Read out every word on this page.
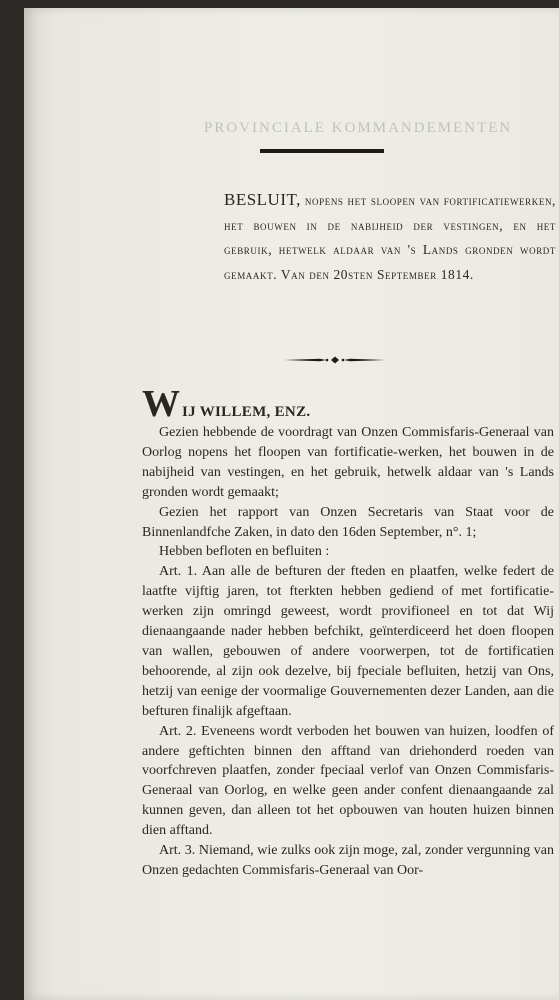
PROVINCIALE KOMMANDEMENTEN
BESLUIT, nopens het sloopen van fortificatiewerken, het bouwen in de nabijheid der vestingen, en het gebruik, hetwelk aldaar van 's Lands gronden wordt gemaakt. Van den 20sten September 1814.
WIJ WILLEM, ENZ.

Gezien hebbende de voordragt van Onzen Commisfaris-Generaal van Oorlog nopens het floopen van fortificatie-werken, het bouwen in de nabijheid van vestingen, en het gebruik, hetwelk aldaar van 's Lands gronden wordt gemaakt;

Gezien het rapport van Onzen Secretaris van Staat voor de Binnenlandfche Zaken, in dato den 16den September, n°. 1;

Hebben befloten en befluiten :

Art. 1. Aan alle de befturen der fteden en plaatfen, welke federt de laatfte vijftig jaren, tot fterkten hebben gediend of met fortificatie-werken zijn omringd geweest, wordt provifioneel en tot dat Wij dienaangaande nader hebben befchikt, geïnterdiceerd het doen floopen van wallen, gebouwen of andere voorwerpen, tot de fortificatien behoorende, al zijn ook dezelve, bij fpeciale befluiten, hetzij van Ons, hetzij van eenige der voormalige Gouvernementen dezer Landen, aan die befturen finalijk afgeftaan.

Art. 2. Eveneens wordt verboden het bouwen van huizen, loodfen of andere geftichten binnen den afftand van driehonderd roeden van voorfchreven plaatfen, zonder fpeciaal verlof van Onzen Commisfaris-Generaal van Oorlog, en welke geen ander confent dienaangaande zal kunnen geven, dan alleen tot het opbouwen van houten huizen binnen dien afftand.

Art. 3. Niemand, wie zulks ook zijn moge, zal, zonder vergunning van Onzen gedachten Commisfaris-Generaal van Oor-
